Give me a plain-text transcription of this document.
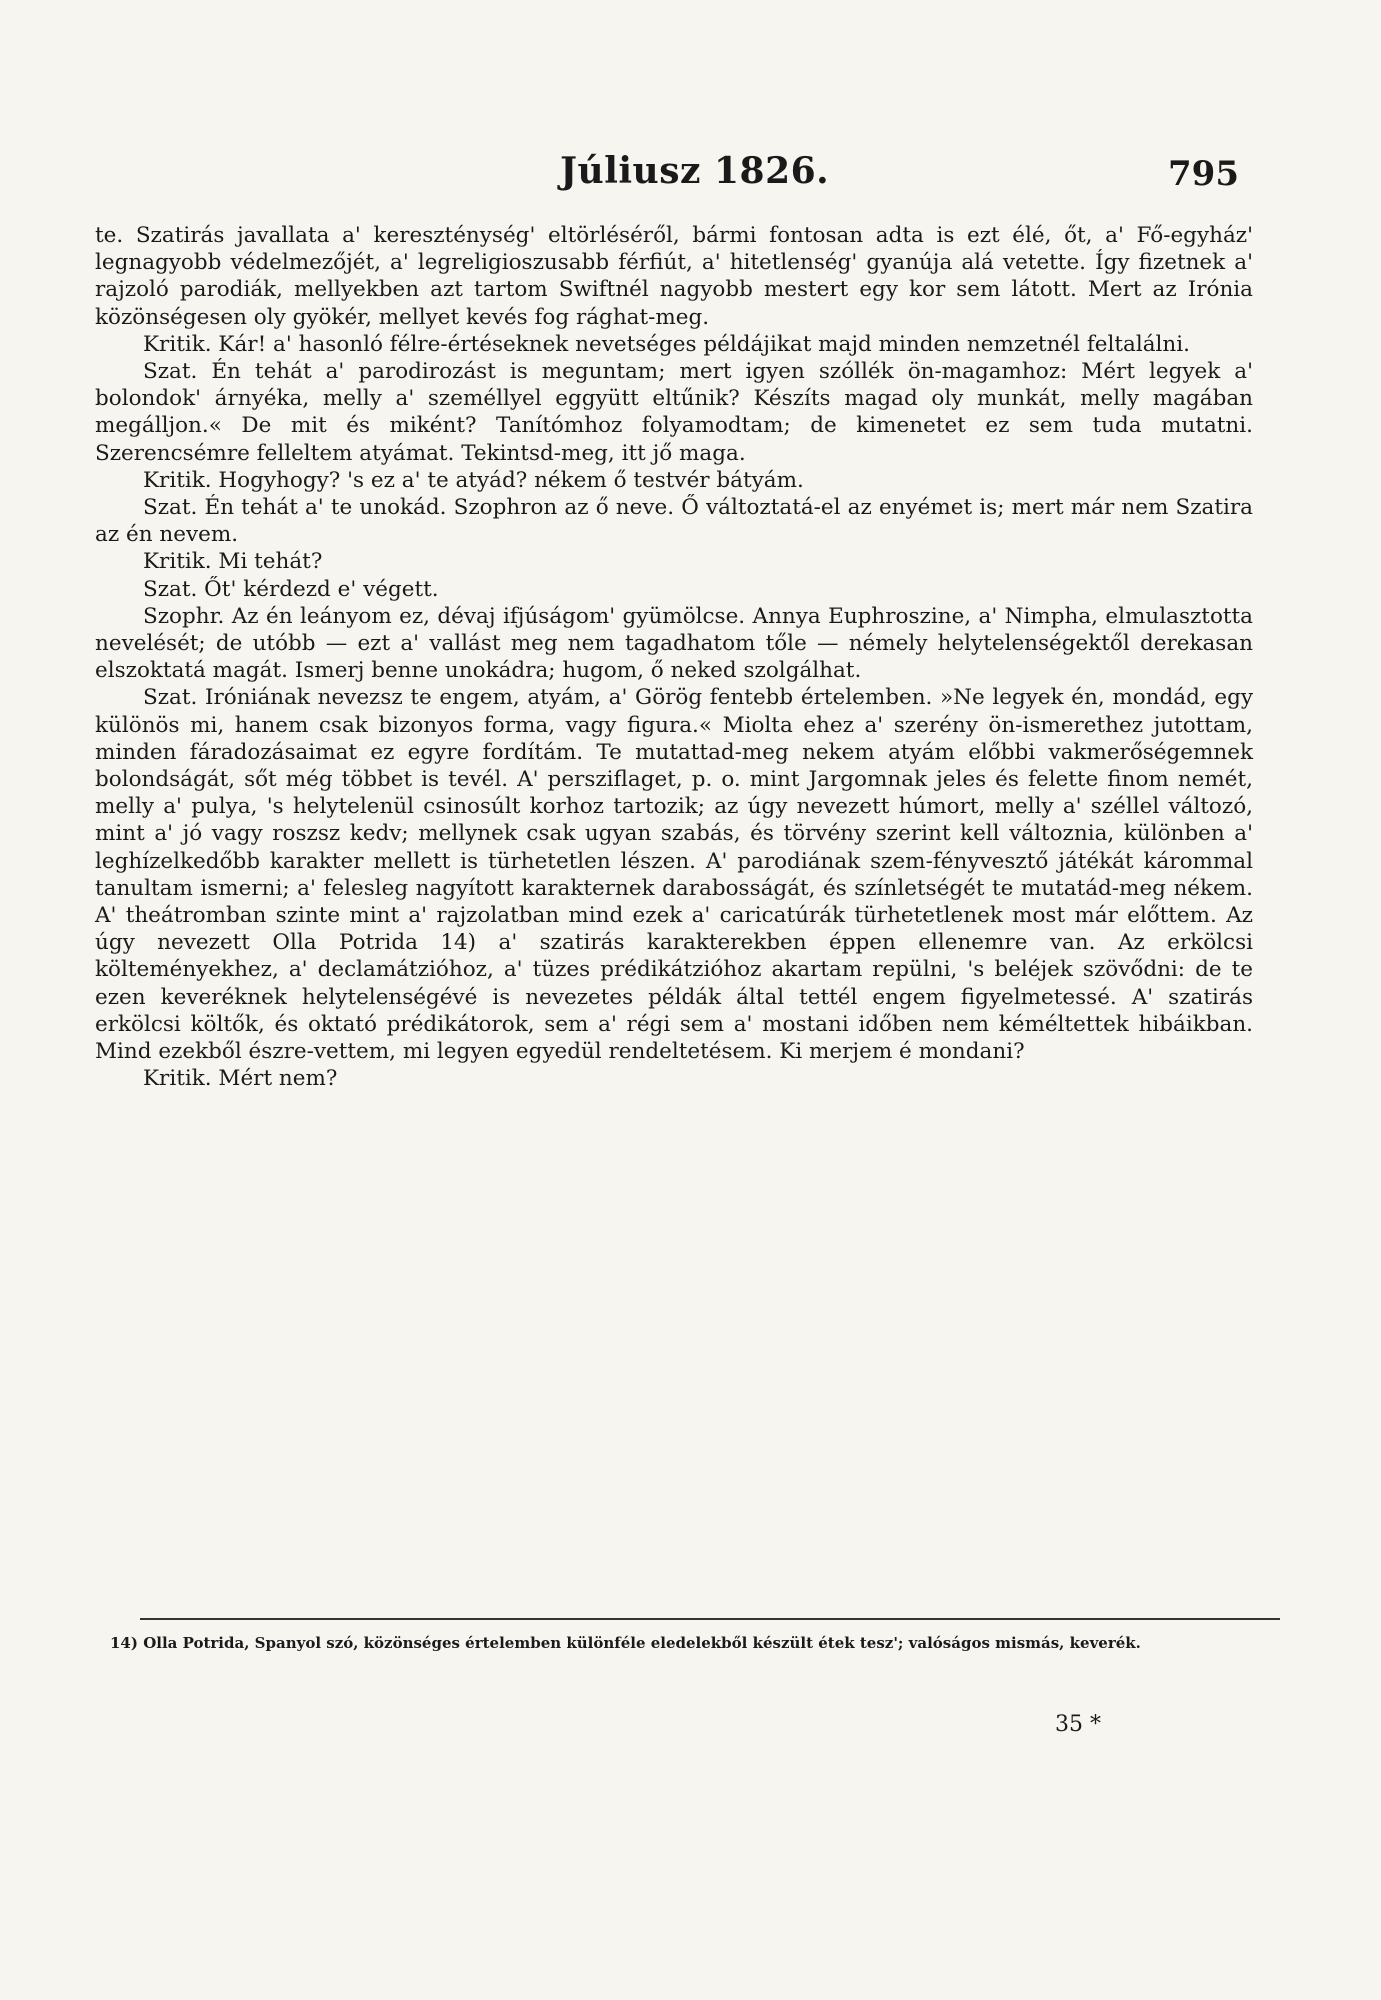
Júliusz 1826.	795

te. Szatirás javallata a' kereszténység' eltörléséről, bármi fontosan adta is ezt élé, őt, a' Fő-egyház' legnagyobb védelmezőjét, a' legreligioszusabb férfiút, a' hitetlenség' gyanúja alá vetette. Így fizetnek a' rajzoló parodiák, mellyekben azt tartom Swiftnél nagyobb mestert egy kor sem látott. Mert az Irónia közönségesen oly gyökér, mellyet kevés fog rághat-meg.

Kritik. Kár! a' hasonló félre-értéseknek nevetséges példájikat majd minden nemzetnél feltalálni.

Szat. Én tehát a' parodirozást is meguntam; mert igyen szóllék ön-magamhoz: Mért legyek a' bolondok' árnyéka, melly a' személlyel eggyütt eltűnik? Készíts magad oly munkát, melly magában megálljon.« De mit és miként? Tanítómhoz folyamodtam; de kimenetet ez sem tuda mutatni. Szerencsémre felleltem atyámat. Tekintsd-meg, itt jő maga.

Kritik. Hogyhogy? 's ez a' te atyád? nékem ő testvér bátyám.

Szat. Én tehát a' te unokád. Szophron az ő neve. Ő változtatá-el az enyémet is; mert már nem Szatira az én nevem.

Kritik. Mi tehát?

Szat. Őt' kérdezd e' végett.

Szophr. Az én leányom ez, dévaj ifjúságom' gyümölcse. Annya Euphroszine, a' Nimpha, elmulasztotta nevelését; de utóbb — ezt a' vallást meg nem tagadhatom tőle — némely helytelenségektől derekasan elszoktatá magát. Ismerj benne unokádra; hugom, ő neked szolgálhat.

Szat. Iróniának nevezsz te engem, atyám, a' Görög fentebb értelemben. »Ne legyek én, mondád, egy különös mi, hanem csak bizonyos forma, vagy figura.« Miolta ehez a' szerény ön-ismerethez jutottam, minden fáradozásaimat ez egyre fordítám. Te mutattad-meg nekem atyám előbbi vakmerőségemnek bolondságát, sőt még többet is tevél. A' persziflaget, p. o. mint Jargomnak jeles és felette finom nemét, melly a' pulya, 's helytelenül csinosúlt korhoz tartozik; az úgy nevezett húmort, melly a' széllel változó, mint a' jó vagy roszsz kedv; mellynek csak ugyan szabás, és törvény szerint kell változnia, különben a' leghízelkedőbb karakter mellett is türhetetlen lészen. A' parodiának szem-fényvesztő játékát kárommal tanultam ismerni; a' felesleg nagyított karakternek darabosságát, és színletségét te mutatád-meg nékem. A' theátromban szinte mint a' rajzolatban mind ezek a' caricatúrák türhetetlenek most már előttem. Az úgy nevezett Olla Potrida 14) a' szatirás karakterekben éppen ellenemre van. Az erkölcsi költeményekhez, a' declamátzióhoz, a' tüzes prédikátzióhoz akartam repülni, 's beléjek szövődni: de te ezen keveréknek helytelenségévé is nevezetes példák által tettél engem figyelmetessé. A' szatirás erkölcsi költők, és oktató prédikátorok, sem a' régi sem a' mostani időben nem kéméltettek hibáikban. Mind ezekből észre-vettem, mi legyen egyedül rendeltetésem. Ki merjem é mondani?

Kritik. Mért nem?

14) Olla Potrida, Spanyol szó, közönséges értelemben különféle eledelekből készült étek tesz'; valóságos mismás, keverék.
35 *
